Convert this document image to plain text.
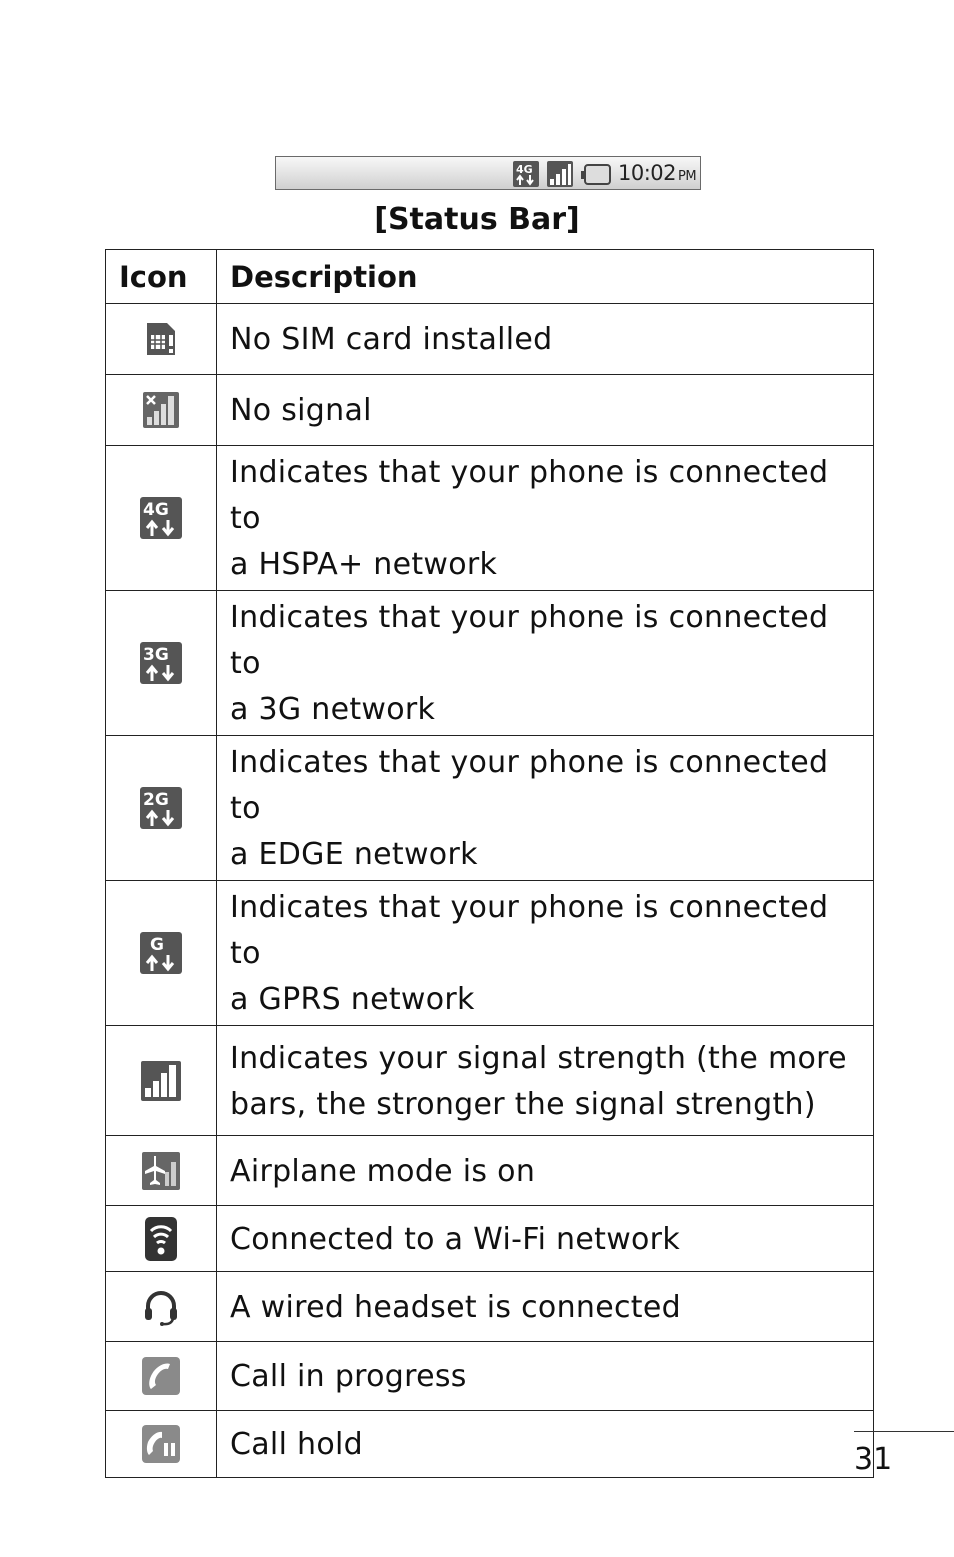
4G	10:02 PM
[Status Bar]
Icon	Description

No SIM card installed

No signal

4G	Indicates that your phone is connected to
a HSPA+ network

3G	Indicates that your phone is connected to
a 3G network

2G	Indicates that your phone is connected to
a EDGE network

G	Indicates that your phone is connected to
a GPRS network

Indicates your signal strength (the more
bars, the stronger the signal strength)

Airplane mode is on

Connected to a Wi-Fi network

A wired headset is connected

Call in progress

Call hold	31
